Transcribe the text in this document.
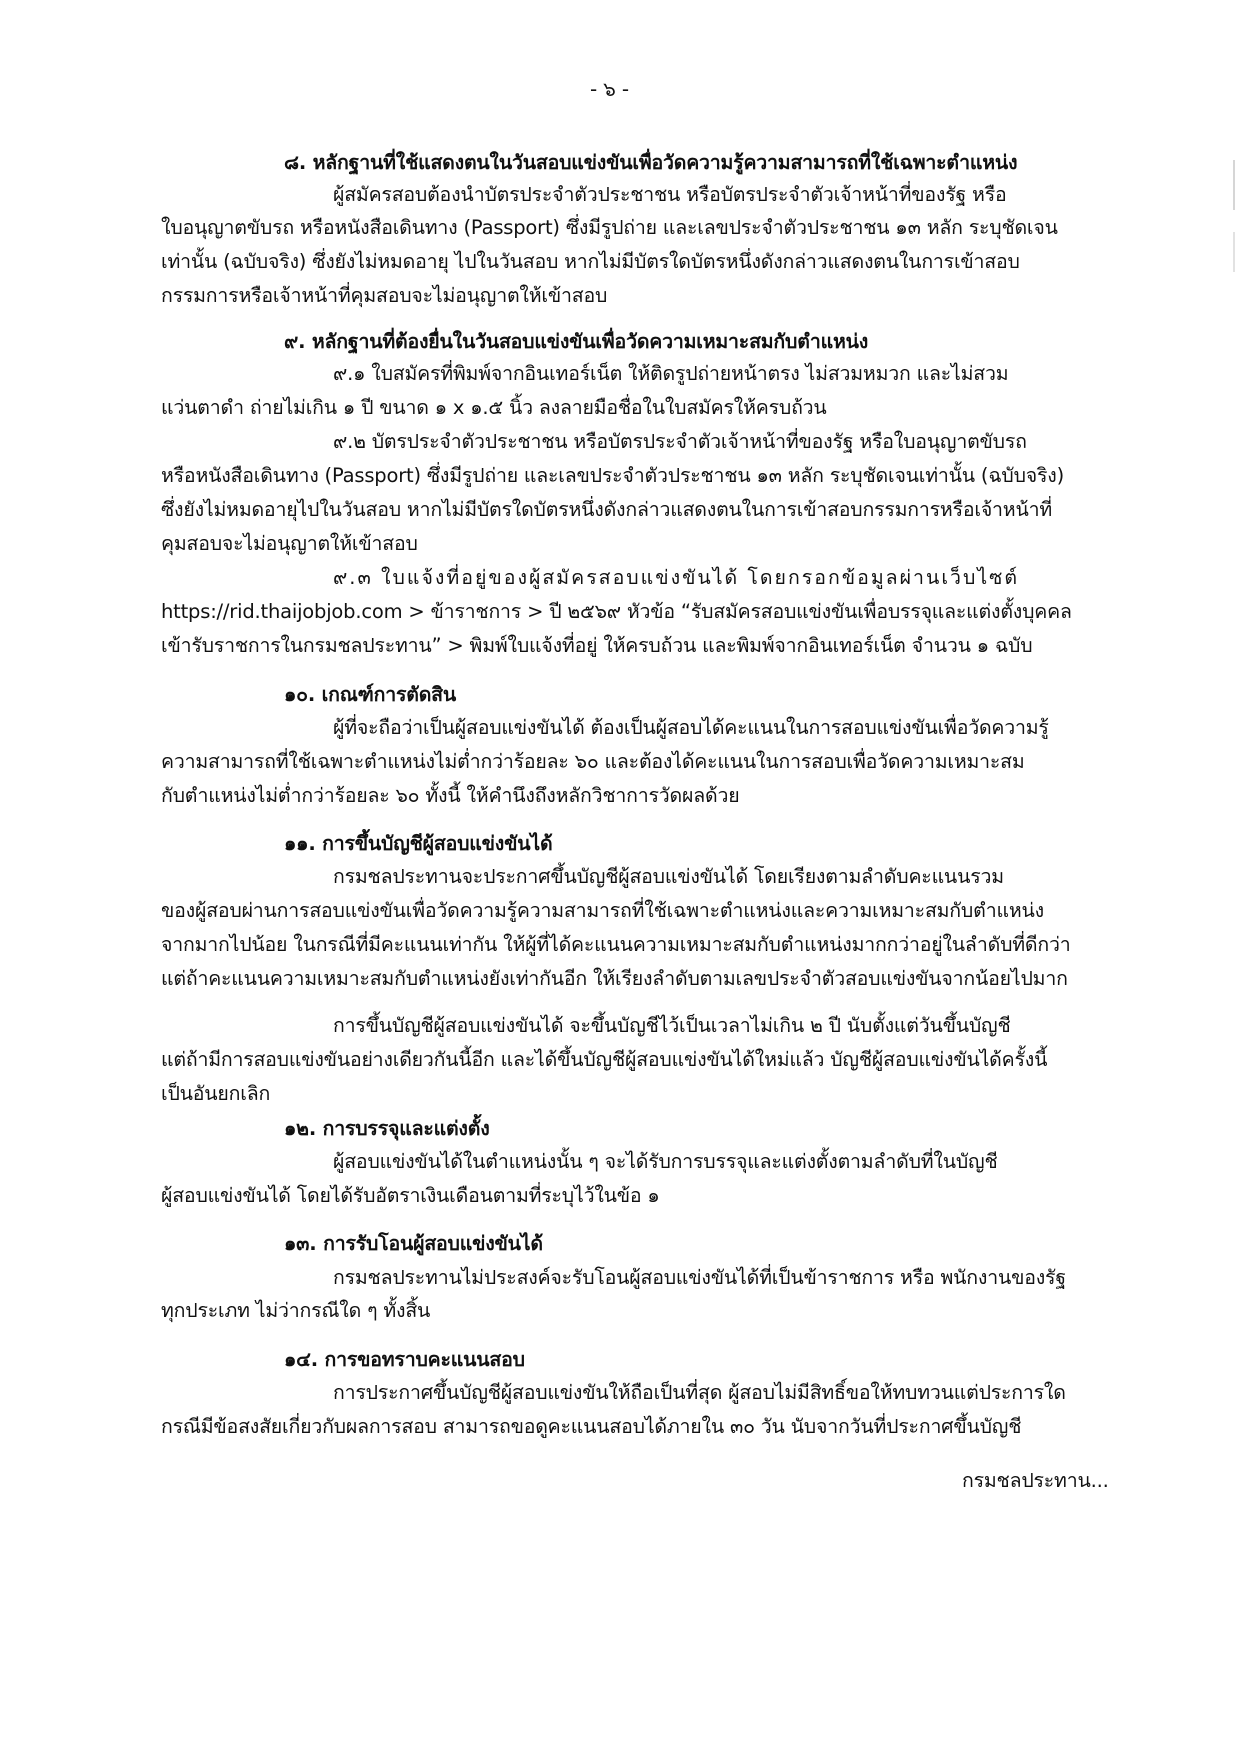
- ๖ -
๘. หลักฐานที่ใช้แสดงตนในวันสอบแข่งขันเพื่อวัดความรู้ความสามารถที่ใช้เฉพาะตำแหน่ง
ผู้สมัครสอบต้องนำบัตรประจำตัวประชาชน หรือบัตรประจำตัวเจ้าหน้าที่ของรัฐ หรือ
ใบอนุญาตขับรถ หรือหนังสือเดินทาง (Passport) ซึ่งมีรูปถ่าย และเลขประจำตัวประชาชน ๑๓ หลัก ระบุชัดเจน
เท่านั้น (ฉบับจริง) ซึ่งยังไม่หมดอายุ ไปในวันสอบ หากไม่มีบัตรใดบัตรหนึ่งดังกล่าวแสดงตนในการเข้าสอบ
กรรมการหรือเจ้าหน้าที่คุมสอบจะไม่อนุญาตให้เข้าสอบ
๙. หลักฐานที่ต้องยื่นในวันสอบแข่งขันเพื่อวัดความเหมาะสมกับตำแหน่ง
๙.๑ ใบสมัครที่พิมพ์จากอินเทอร์เน็ต ให้ติดรูปถ่ายหน้าตรง ไม่สวมหมวก และไม่สวม
แว่นตาดำ ถ่ายไม่เกิน ๑ ปี ขนาด ๑ x ๑.๕ นิ้ว ลงลายมือชื่อในใบสมัครให้ครบถ้วน
๙.๒ บัตรประจำตัวประชาชน หรือบัตรประจำตัวเจ้าหน้าที่ของรัฐ หรือใบอนุญาตขับรถ
หรือหนังสือเดินทาง (Passport) ซึ่งมีรูปถ่าย และเลขประจำตัวประชาชน ๑๓ หลัก ระบุชัดเจนเท่านั้น (ฉบับจริง)
ซึ่งยังไม่หมดอายุไปในวันสอบ หากไม่มีบัตรใดบัตรหนึ่งดังกล่าวแสดงตนในการเข้าสอบกรรมการหรือเจ้าหน้าที่
คุมสอบจะไม่อนุญาตให้เข้าสอบ
๙.๓ ใบแจ้งที่อยู่ของผู้สมัครสอบแข่งขันได้ โดยกรอกข้อมูลผ่านเว็บไซต์
https://rid.thaijobjob.com > ข้าราชการ > ปี ๒๕๖๙ หัวข้อ “รับสมัครสอบแข่งขันเพื่อบรรจุและแต่งตั้งบุคคล
เข้ารับราชการในกรมชลประทาน” > พิมพ์ใบแจ้งที่อยู่ ให้ครบถ้วน และพิมพ์จากอินเทอร์เน็ต จำนวน ๑ ฉบับ
๑๐. เกณฑ์การตัดสิน
ผู้ที่จะถือว่าเป็นผู้สอบแข่งขันได้ ต้องเป็นผู้สอบได้คะแนนในการสอบแข่งขันเพื่อวัดความรู้
ความสามารถที่ใช้เฉพาะตำแหน่งไม่ต่ำกว่าร้อยละ ๖๐ และต้องได้คะแนนในการสอบเพื่อวัดความเหมาะสม
กับตำแหน่งไม่ต่ำกว่าร้อยละ ๖๐ ทั้งนี้ ให้คำนึงถึงหลักวิชาการวัดผลด้วย
๑๑. การขึ้นบัญชีผู้สอบแข่งขันได้
กรมชลประทานจะประกาศขึ้นบัญชีผู้สอบแข่งขันได้ โดยเรียงตามลำดับคะแนนรวม
ของผู้สอบผ่านการสอบแข่งขันเพื่อวัดความรู้ความสามารถที่ใช้เฉพาะตำแหน่งและความเหมาะสมกับตำแหน่ง
จากมากไปน้อย ในกรณีที่มีคะแนนเท่ากัน ให้ผู้ที่ได้คะแนนความเหมาะสมกับตำแหน่งมากกว่าอยู่ในลำดับที่ดีกว่า
แต่ถ้าคะแนนความเหมาะสมกับตำแหน่งยังเท่ากันอีก ให้เรียงลำดับตามเลขประจำตัวสอบแข่งขันจากน้อยไปมาก
การขึ้นบัญชีผู้สอบแข่งขันได้ จะขึ้นบัญชีไว้เป็นเวลาไม่เกิน ๒ ปี นับตั้งแต่วันขึ้นบัญชี
แต่ถ้ามีการสอบแข่งขันอย่างเดียวกันนี้อีก และได้ขึ้นบัญชีผู้สอบแข่งขันได้ใหม่แล้ว บัญชีผู้สอบแข่งขันได้ครั้งนี้
เป็นอันยกเลิก
๑๒. การบรรจุและแต่งตั้ง
ผู้สอบแข่งขันได้ในตำแหน่งนั้น ๆ จะได้รับการบรรจุและแต่งตั้งตามลำดับที่ในบัญชี
ผู้สอบแข่งขันได้ โดยได้รับอัตราเงินเดือนตามที่ระบุไว้ในข้อ ๑
๑๓. การรับโอนผู้สอบแข่งขันได้
กรมชลประทานไม่ประสงค์จะรับโอนผู้สอบแข่งขันได้ที่เป็นข้าราชการ หรือ พนักงานของรัฐ
ทุกประเภท ไม่ว่ากรณีใด ๆ ทั้งสิ้น
๑๔. การขอทราบคะแนนสอบ
การประกาศขึ้นบัญชีผู้สอบแข่งขันให้ถือเป็นที่สุด ผู้สอบไม่มีสิทธิ์ขอให้ทบทวนแต่ประการใด
กรณีมีข้อสงสัยเกี่ยวกับผลการสอบ สามารถขอดูคะแนนสอบได้ภายใน ๓๐ วัน นับจากวันที่ประกาศขึ้นบัญชี
กรมชลประทาน...
